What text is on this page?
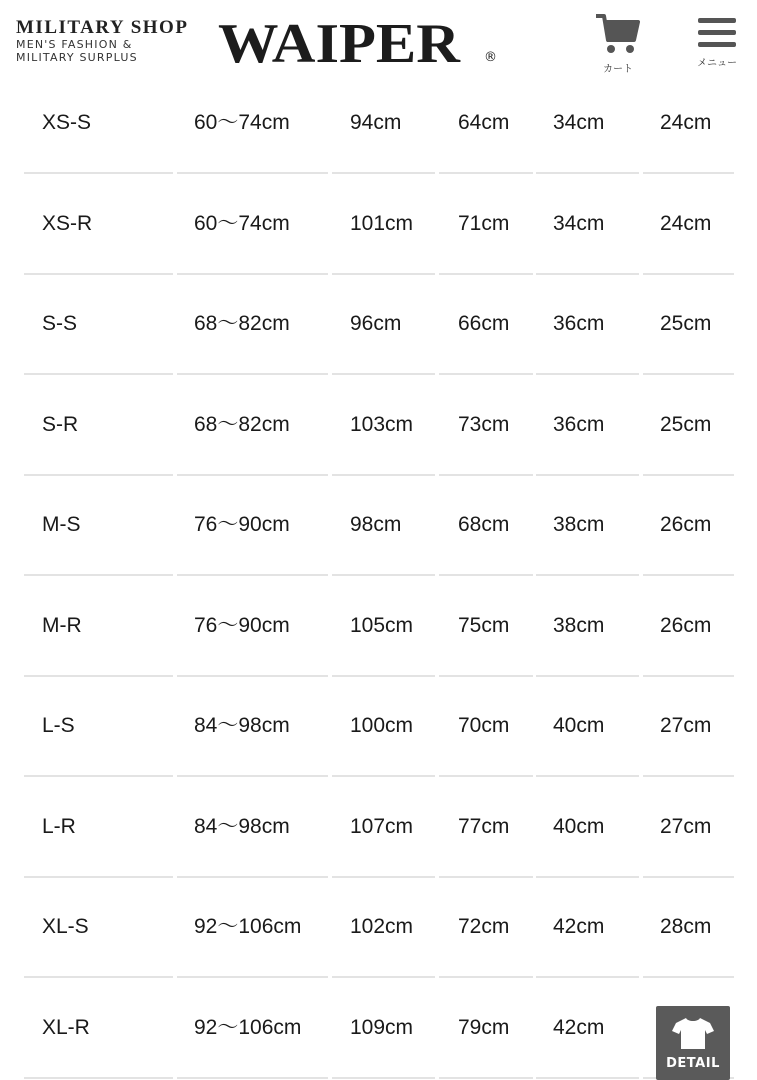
MILITARY SHOP
MEN'S FASHION &
MILITARY SURPLUS	WAIPER ®
カート
メニュー
XS-S	60〜74cm	94cm	64cm	34cm	24cm
XS-R	60〜74cm	101cm	71cm	34cm	24cm
S-S	68〜82cm	96cm	66cm	36cm	25cm
S-R	68〜82cm	103cm	73cm	36cm	25cm
M-S	76〜90cm	98cm	68cm	38cm	26cm
M-R	76〜90cm	105cm	75cm	38cm	26cm
L-S	84〜98cm	100cm	70cm	40cm	27cm
L-R	84〜98cm	107cm	77cm	40cm	27cm
XL-S	92〜106cm	102cm	72cm	42cm	28cm
XL-R	92〜106cm	109cm	79cm	42cm
DETAIL
